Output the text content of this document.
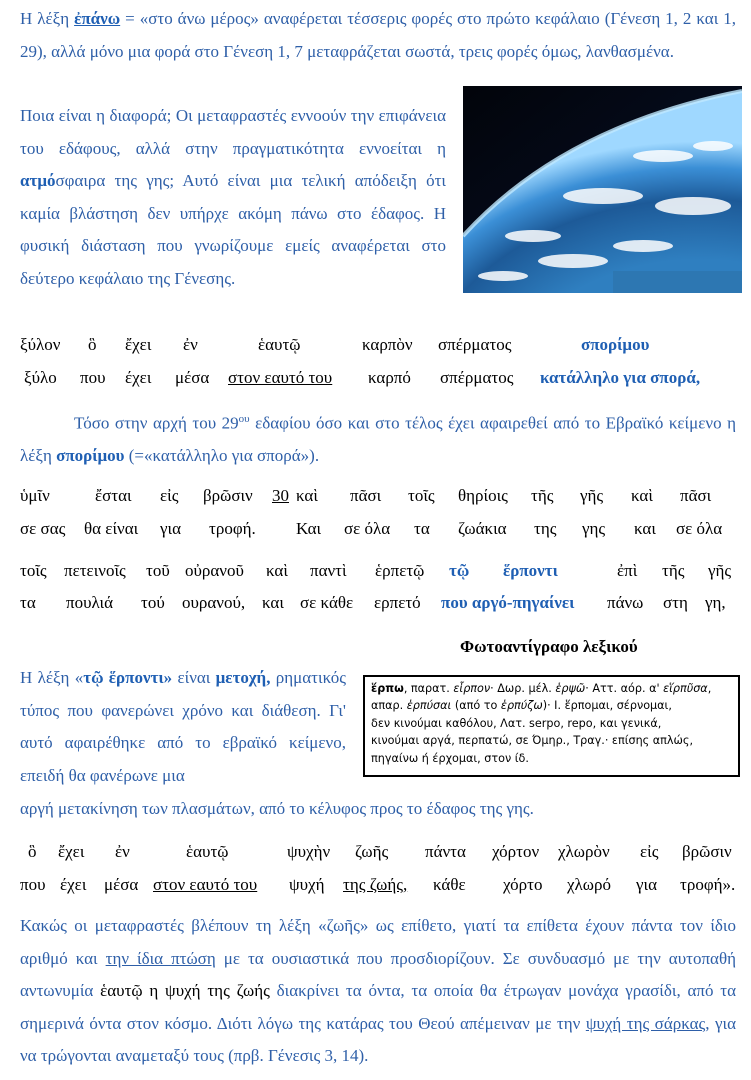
Η λέξη ἐπάνω = «στο άνω μέρος» αναφέρεται τέσσερις φορές στο πρώτο κεφάλαιο (Γένεση 1, 2 και 1, 29), αλλά μόνο μια φορά στο Γένεση 1, 7 μεταφράζεται σωστά, τρεις φορές όμως, λανθασμένα.

Ποια είναι η διαφορά; Οι μεταφραστές εννοούν την επιφάνεια του εδάφους, αλλά στην πραγματικότητα εννοείται η ατμόσφαιρα της γης; Αυτό είναι μια τελική απόδειξη ότι καμία βλάστηση δεν υπήρχε ακόμη πάνω στο έδαφος. Η φυσική διάσταση που γνωρίζουμε εμείς αναφέρεται στο δεύτερο κεφάλαιο της Γένεσης.

ξύλον ὃ ἔχει ἐν	ἑαυτῷ	καρπὸν σπέρματος	σπορίμου
ξύλο που έχει μέσα στον εαυτό του καρπό σπέρματος κατάλληλο για σπορά,

Τόσο στην αρχή του $29^{o\upsilon}$ εδαφίου όσο και στο τέλος έχει αφαιρεθεί από το Εβραϊκό κείμενο η λέξη σπορίμου (=«κατάλληλο για σπορά»).

ὑμῖν	ἔσται εἰς βρῶσιν 30 καὶ πᾶσι τοῖς θηρίοις τῆς γῆς καὶ πᾶσι
σε σας θα είναι για τροφή. Και σε όλα τα ζωάκια της γης και σε όλα
τοῖς πετεινοῖς τοῦ οὐρανοῦ καὶ παντὶ ἑρπετῷ τῷ ἕρποντι	ἐπὶ τῆς γῆς
τα πουλιά τού ουρανού, και σε κάθε ερπετό που αργό-πηγαίνει πάνω στη γη,
Φωτοαντίγραφο λεξικού
ἕρπω, παρατ. εἷρπον· Δωρ. μέλ. ἑρψῶ· Αττ. αόρ. α' εἵρπῦσα,
απαρ. ἑρπύσαι (από το ἑρπύζω)· Ι. ἕρπομαι, σέρνομαι,
δεν κινούμαι καθόλου, Λατ. serpo, repo, και γενικά,
κινούμαι αργά, περπατώ, σε Όμηρ., Τραγ.· επίσης απλώς,
πηγαίνω ή έρχομαι, στον ίδ.

Η λέξη «τῷ ἕρποντι» είναι μετοχή, ρηματικός τύπος που φανερώνει χρόνο και διάθεση. Γι' αυτό αφαιρέθηκε από το εβραϊκό κείμενο, επειδή θα φανέρωνε μια

αργή μετακίνηση των πλασμάτων, από το κέλυφος προς το έδαφος της γης.

ὃ ἔχει ἐν	ἑαυτῷ	ψυχὴν ζωῆς πάντα χόρτον χλωρὸν εἰς βρῶσιν
που έχει μέσα στον εαυτό του ψυχή της ζωής, κάθε χόρτο χλωρό για τροφή».

Κακώς οι μεταφραστές βλέπουν τη λέξη «ζωῆς» ως επίθετο, γιατί τα επίθετα έχουν πάντα τον ίδιο αριθμό και την ίδια πτώση με τα ουσιαστικά που προσδιορίζουν. Σε συνδυασμό με την αυτοπαθή αντωνυμία ἑαυτῷ η ψυχή της ζωής διακρίνει τα όντα, τα οποία θα έτρωγαν μονάχα γρασίδι, από τα σημερινά όντα στον κόσμο. Διότι λόγω της κατάρας του Θεού απέμειναν με την ψυχή της σάρκας, για να τρώγονται αναμεταξύ τους (πρβ. Γένεσις 3, 14).
